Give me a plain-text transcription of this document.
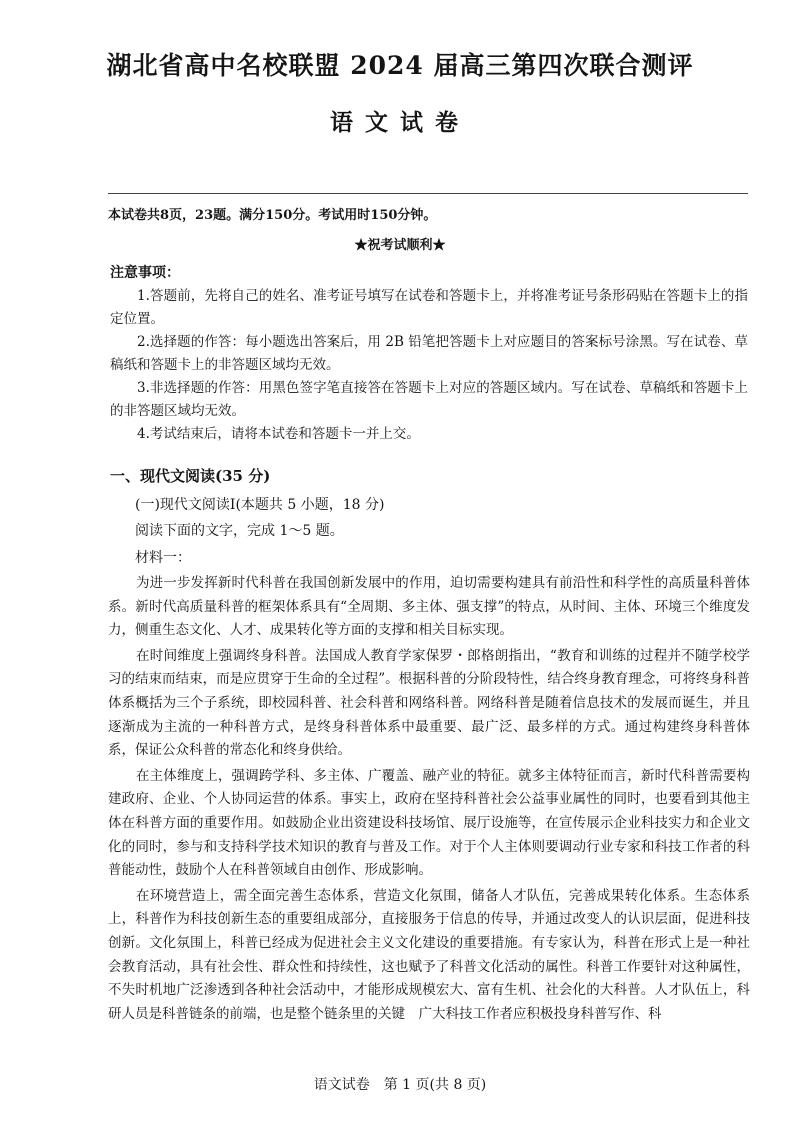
湖北省高中名校联盟 2024 届高三第四次联合测评
语文试卷
本试卷共8页，23题。满分150分。考试用时150分钟。
★祝考试顺利★
注意事项：
1.答题前，先将自己的姓名、准考证号填写在试卷和答题卡上，并将准考证号条形码贴在答题卡上的指定位置。
2.选择题的作答：每小题选出答案后，用 2B 铅笔把答题卡上对应题目的答案标号涂黑。写在试卷、草稿纸和答题卡上的非答题区域均无效。
3.非选择题的作答：用黑色签字笔直接答在答题卡上对应的答题区域内。写在试卷、草稿纸和答题卡上的非答题区域均无效。
4.考试结束后，请将本试卷和答题卡一并上交。
一、现代文阅读(35 分)
(一)现代文阅读Ⅰ(本题共 5 小题，18 分)
阅读下面的文字，完成 1～5 题。
材料一：

为进一步发挥新时代科普在我国创新发展中的作用，迫切需要构建具有前沿性和科学性的高质量科普体系。新时代高质量科普的框架体系具有“全周期、多主体、强支撑”的特点，从时间、主体、环境三个维度发力，侧重生态文化、人才、成果转化等方面的支撑和相关目标实现。

在时间维度上强调终身科普。法国成人教育学家保罗・郎格朗指出，“教育和训练的过程并不随学校学习的结束而结束，而是应贯穿于生命的全过程”。根据科普的分阶段特性，结合终身教育理念，可将终身科普体系概括为三个子系统，即校园科普、社会科普和网络科普。网络科普是随着信息技术的发展而诞生，并且逐渐成为主流的一种科普方式，是终身科普体系中最重要、最广泛、最多样的方式。通过构建终身科普体系，保证公众科普的常态化和终身供给。

在主体维度上，强调跨学科、多主体、广覆盖、融产业的特征。就多主体特征而言，新时代科普需要构建政府、企业、个人协同运营的体系。事实上，政府在坚持科普社会公益事业属性的同时，也要看到其他主体在科普方面的重要作用。如鼓励企业出资建设科技场馆、展厅设施等，在宣传展示企业科技实力和企业文化的同时，参与和支持科学技术知识的教育与普及工作。对于个人主体则要调动行业专家和科技工作者的科普能动性，鼓励个人在科普领域自由创作、形成影响。

在环境营造上，需全面完善生态体系，营造文化氛围，储备人才队伍，完善成果转化体系。生态体系上，科普作为科技创新生态的重要组成部分，直接服务于信息的传导，并通过改变人的认识层面，促进科技创新。文化氛围上，科普已经成为促进社会主义文化建设的重要措施。有专家认为，科普在形式上是一种社会教育活动，具有社会性、群众性和持续性，这也赋予了科普文化活动的属性。科普工作要针对这种属性，不失时机地广泛渗透到各种社会活动中，才能形成规模宏大、富有生机、社会化的大科普。人才队伍上，科研人员是科普链条的前端，也是整个链条里的关键　广大科技工作者应积极投身科普写作、科

语文试卷　第 1 页(共 8 页)
